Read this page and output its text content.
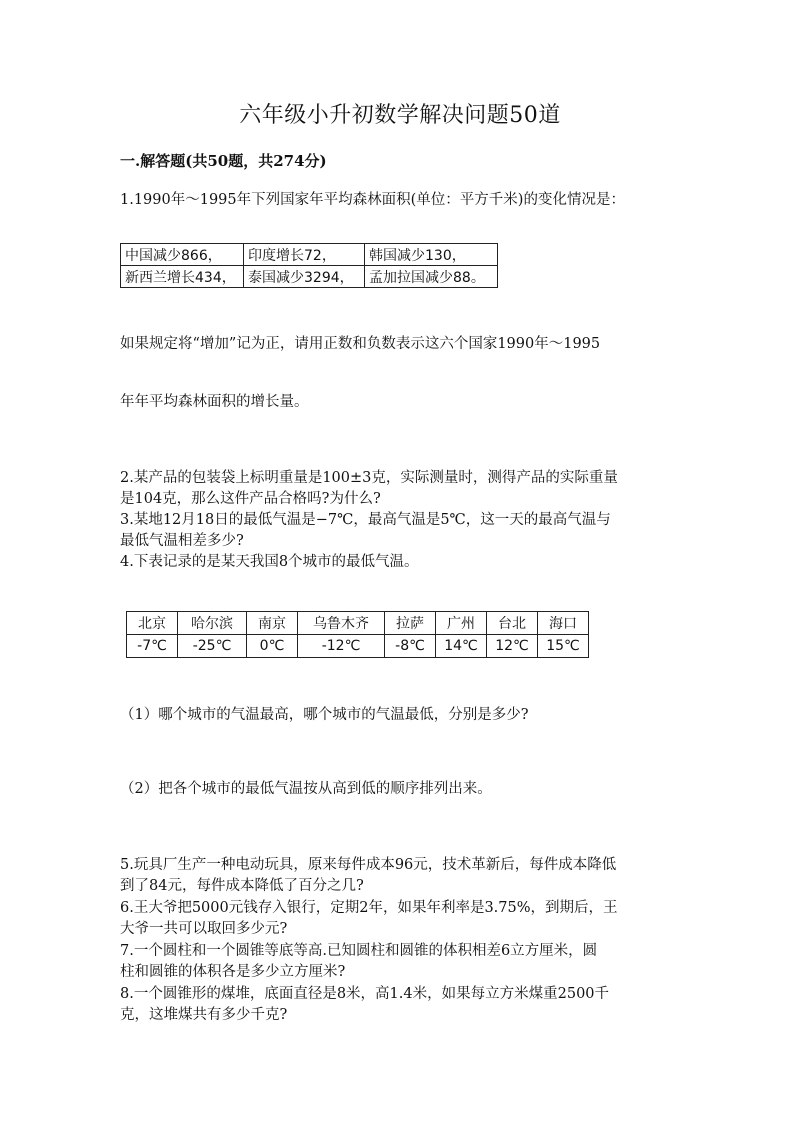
六年级小升初数学解决问题50道
一.解答题(共50题，共274分)
1.1990年～1995年下列国家年平均森林面积(单位：平方千米)的变化情况是：
中国减少866，	印度增长72，	韩国减少130，
新西兰增长434，	泰国减少3294，	孟加拉国减少88。
如果规定将“增加”记为正，请用正数和负数表示这六个国家1990年～1995
年年平均森林面积的增长量。
2.某产品的包装袋上标明重量是100±3克，实际测量时，测得产品的实际重量
是104克，那么这件产品合格吗?为什么?
3.某地12月18日的最低气温是−7℃，最高气温是5℃，这一天的最高气温与
最低气温相差多少?
4.下表记录的是某天我国8个城市的最低气温。
北京	哈尔滨	南京	乌鲁木齐	拉萨	广州	台北	海口
-7℃	-25℃	0℃	-12℃	-8℃	14℃	12℃	15℃
（1）哪个城市的气温最高，哪个城市的气温最低，分别是多少?
（2）把各个城市的最低气温按从高到低的顺序排列出来。
5.玩具厂生产一种电动玩具，原来每件成本96元，技术革新后，每件成本降低
到了84元，每件成本降低了百分之几?
6.王大爷把5000元钱存入银行，定期2年，如果年利率是3.75%，到期后，王
大爷一共可以取回多少元?
7.一个圆柱和一个圆锥等底等高.已知圆柱和圆锥的体积相差6立方厘米，圆
柱和圆锥的体积各是多少立方厘米?
8.一个圆锥形的煤堆，底面直径是8米，高1.4米，如果每立方米煤重2500千
克，这堆煤共有多少千克?
